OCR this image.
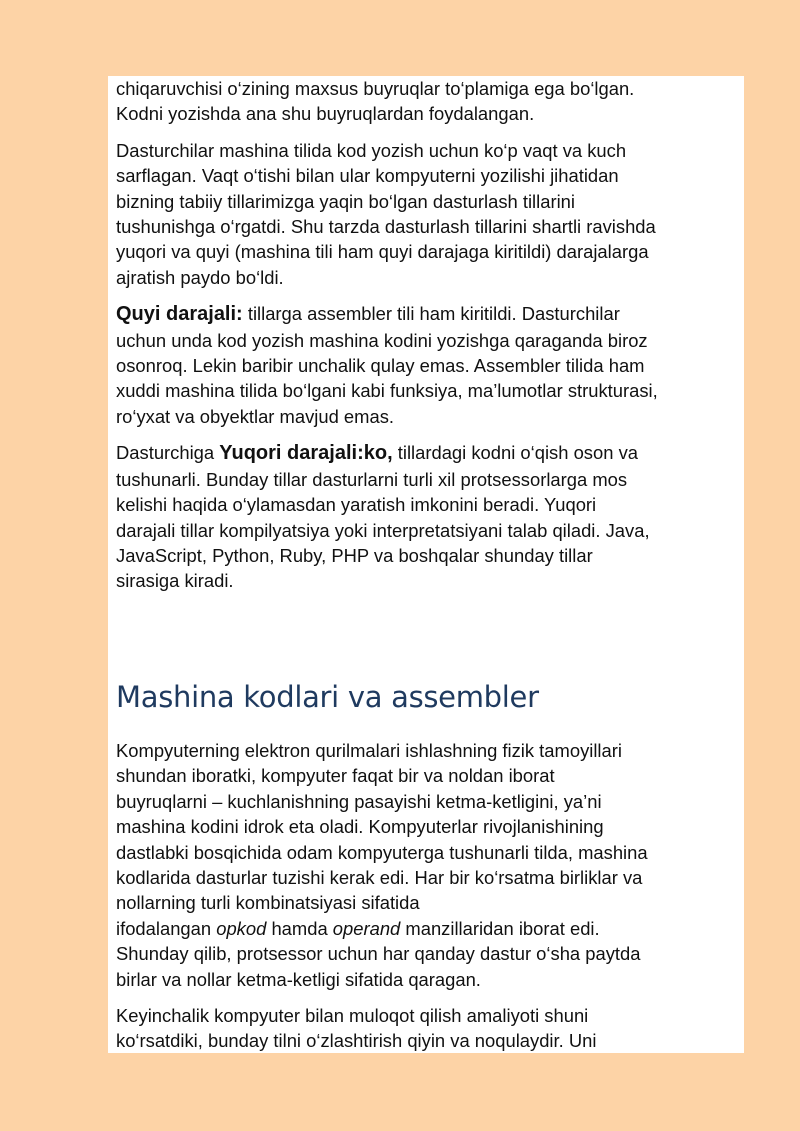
chiqaruvchisi o‘zining maxsus buyruqlar to‘plamiga ega bo‘lgan.
Kodni yozishda ana shu buyruqlardan foydalangan.

Dasturchilar mashina tilida kod yozish uchun ko‘p vaqt va kuch
sarflagan. Vaqt o‘tishi bilan ular kompyuterni yozilishi jihatidan
bizning tabiiy tillarimizga yaqin bo‘lgan dasturlash tillarini
tushunishga o‘rgatdi. Shu tarzda dasturlash tillarini shartli ravishda
yuqori va quyi (mashina tili ham quyi darajaga kiritildi) darajalarga
ajratish paydo bo‘ldi.

Quyi darajali: tillarga assembler tili ham kiritildi. Dasturchilar
uchun unda kod yozish mashina kodini yozishga qaraganda biroz
osonroq. Lekin baribir unchalik qulay emas. Assembler tilida ham
xuddi mashina tilida bo‘lgani kabi funksiya, ma’lumotlar strukturasi,
ro‘yxat va obyektlar mavjud emas.

Dasturchiga Yuqori darajali:ko, tillardagi kodni o‘qish oson va
tushunarli. Bunday tillar dasturlarni turli xil protsessorlarga mos
kelishi haqida o‘ylamasdan yaratish imkonini beradi. Yuqori
darajali tillar kompilyatsiya yoki interpretatsiyani talab qiladi. Java,
JavaScript, Python, Ruby, PHP va boshqalar shunday tillar
sirasiga kiradi.

Mashina kodlari va assembler

Kompyuterning elektron qurilmalari ishlashning fizik tamoyillari
shundan iboratki, kompyuter faqat bir va noldan iborat
buyruqlarni – kuchlanishning pasayishi ketma-ketligini, ya’ni
mashina kodini idrok eta oladi. Kompyuterlar rivojlanishining
dastlabki bosqichida odam kompyuterga tushunarli tilda, mashina
kodlarida dasturlar tuzishi kerak edi. Har bir ko‘rsatma birliklar va
nollarning turli kombinatsiyasi sifatida
ifodalangan opkod hamda operand manzillaridan iborat edi.
Shunday qilib, protsessor uchun har qanday dastur o‘sha paytda
birlar va nollar ketma-ketligi sifatida qaragan.

Keyinchalik kompyuter bilan muloqot qilish amaliyoti shuni
ko‘rsatdiki, bunday tilni o‘zlashtirish qiyin va noqulaydir. Uni
